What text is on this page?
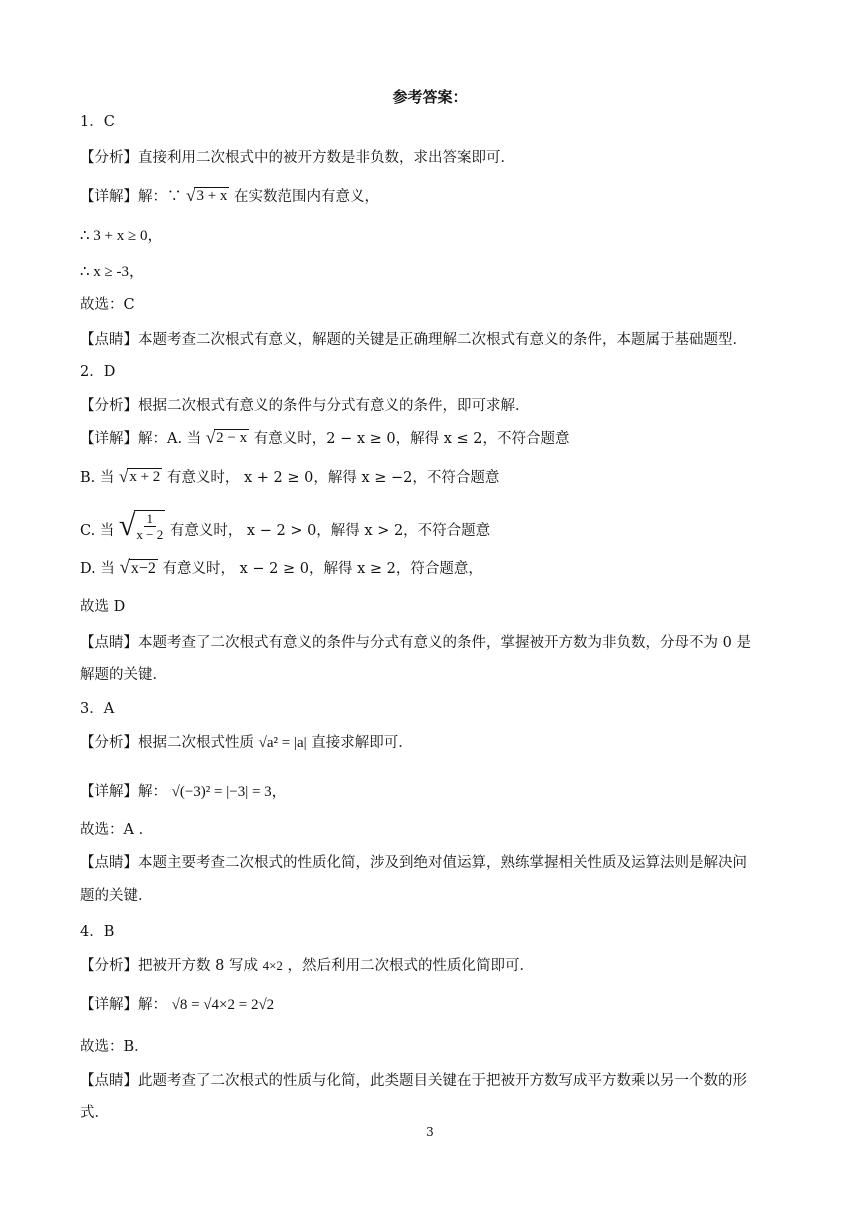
参考答案：
1．C
【分析】直接利用二次根式中的被开方数是非负数，求出答案即可．
【详解】解：∵ √ 3 + x 在实数范围内有意义，
∴ 3 + x ≥ 0，
∴ x ≥ -3，
故选：C
【点睛】本题考查二次根式有意义，解题的关键是正确理解二次根式有意义的条件，本题属于基础题型．
2．D
【分析】根据二次根式有意义的条件与分式有意义的条件，即可求解．
【详解】解：A. 当 √ 2 − x 有意义时，2 − x ≥ 0，解得 x ≤ 2，不符合题意
B. 当 √ x + 2 有意义时， x + 2 ≥ 0，解得 x ≥ −2，不符合题意
C. 当 √ $\frac{1}{x - 2}$ 有意义时， x − 2 > 0，解得 x > 2，不符合题意
D. 当 √ x−2 有意义时， x − 2 ≥ 0，解得 x ≥ 2，符合题意，
故选 D
【点睛】本题考查了二次根式有意义的条件与分式有意义的条件，掌握被开方数为非负数，分母不为 0 是
解题的关键．
3．A
【分析】根据二次根式性质 √a² = |a| 直接求解即可．
【详解】解： √(−3)² = |−3| = 3，
故选：A ．
【点睛】本题主要考查二次根式的性质化简，涉及到绝对值运算，熟练掌握相关性质及运算法则是解决问
题的关键．
4．B
【分析】把被开方数 8 写成 4×2 ，然后利用二次根式的性质化简即可．
【详解】解： √8 = √4×2 = 2√2
故选：B．
【点睛】此题考查了二次根式的性质与化简，此类题目关键在于把被开方数写成平方数乘以另一个数的形
式．
3
